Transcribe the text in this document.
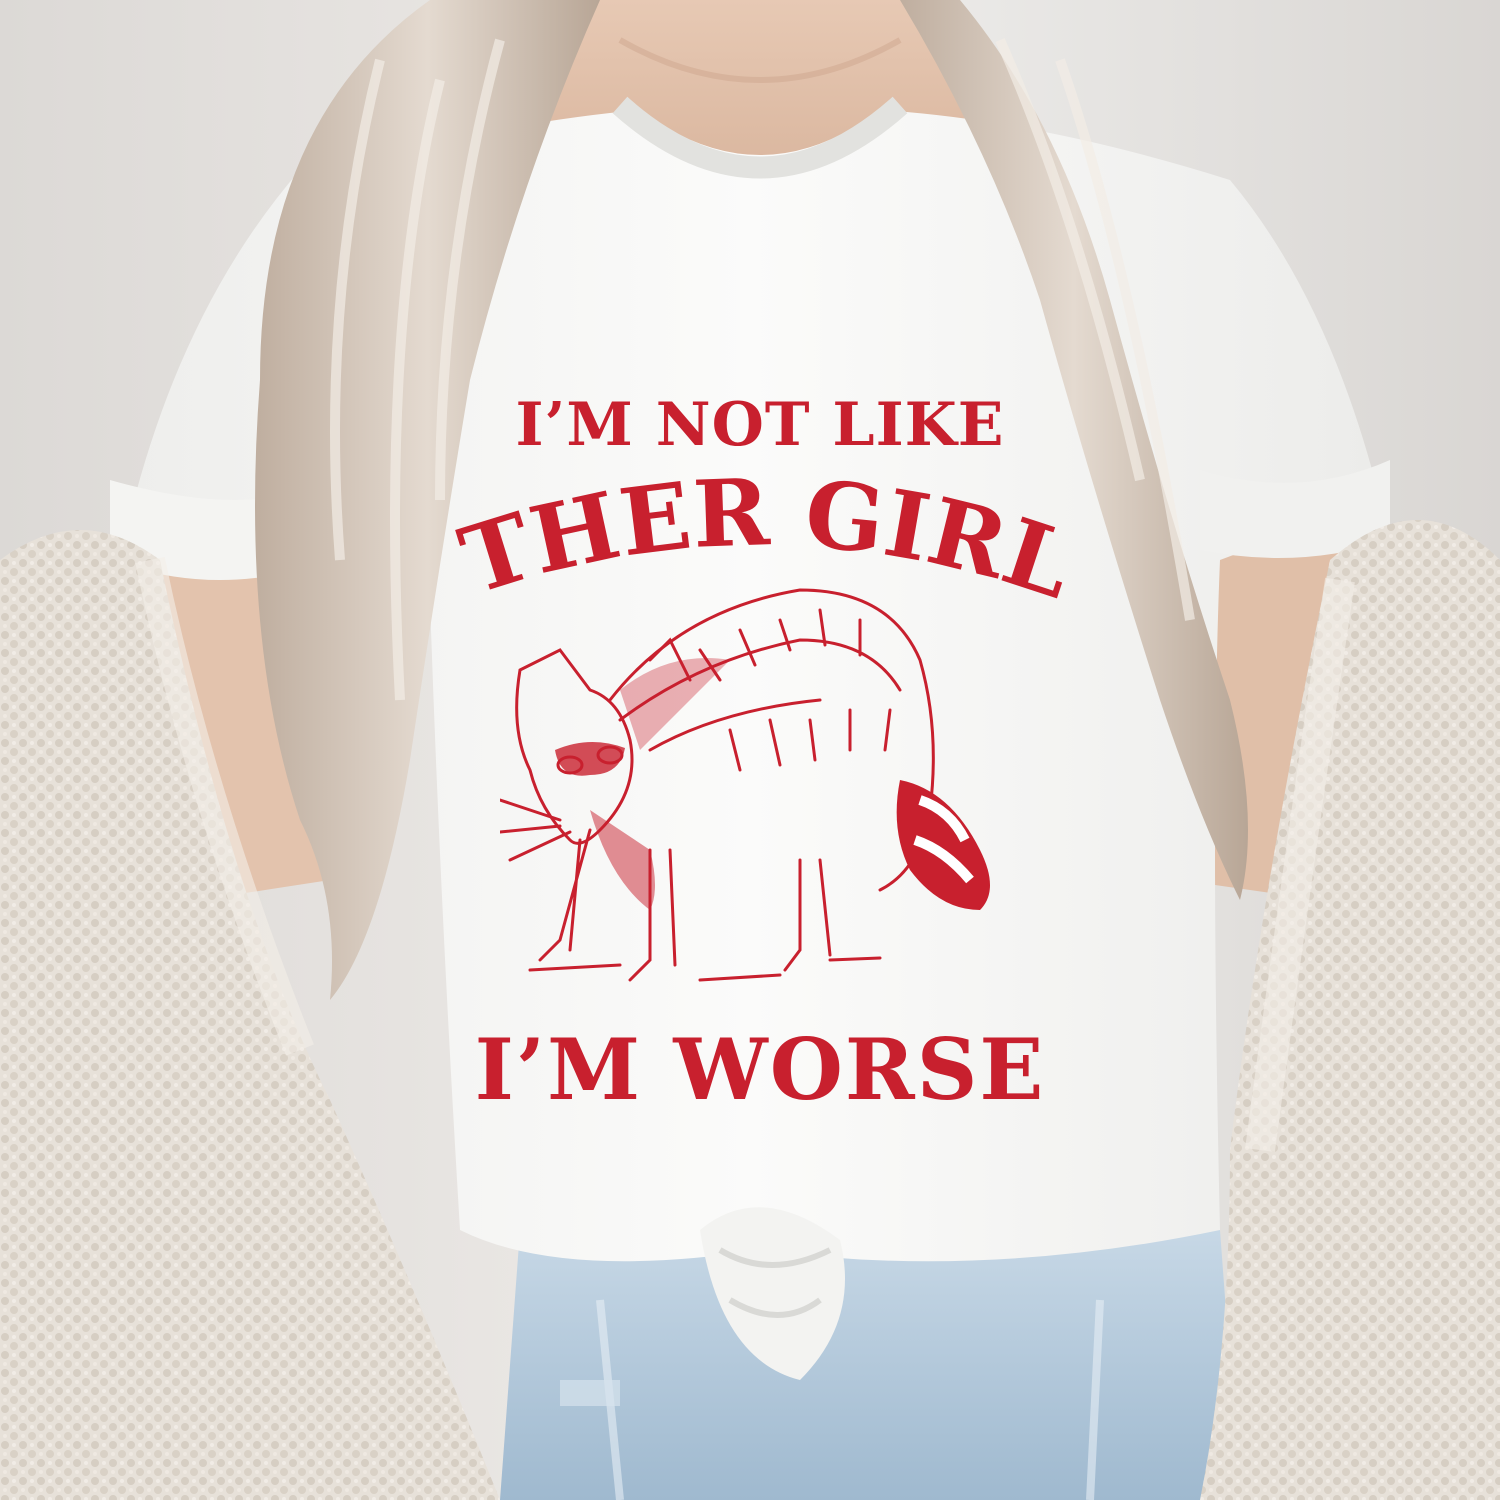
I’M NOT LIKE
OTHER GIRLS
I’M WORSE
